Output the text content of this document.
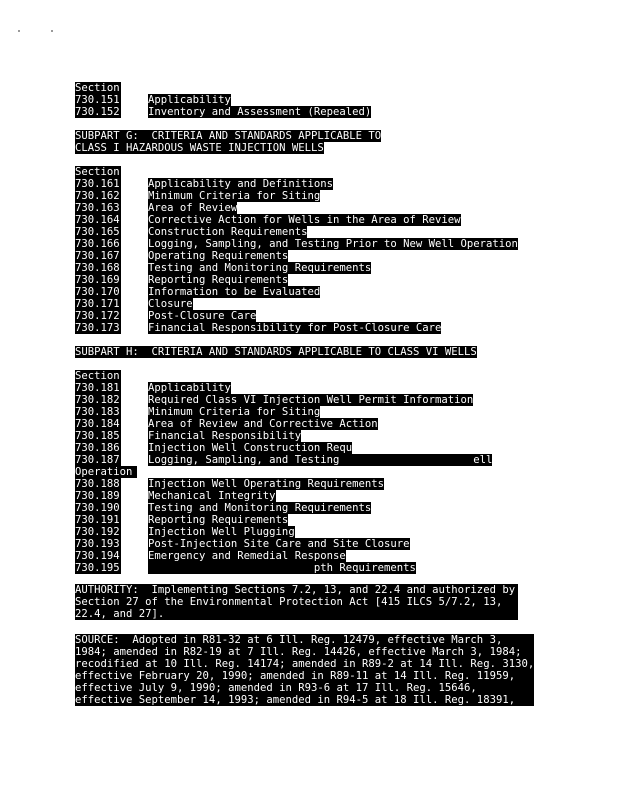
Section
730.151	Applicability
730.152	Inventory and Assessment (Repealed)
SUBPART G:  CRITERIA AND STANDARDS APPLICABLE TO
CLASS I HAZARDOUS WASTE INJECTION WELLS
Section
730.161	Applicability and Definitions
730.162	Minimum Criteria for Siting
730.163	Area of Review
730.164	Corrective Action for Wells in the Area of Review
730.165	Construction Requirements
730.166	Logging, Sampling, and Testing Prior to New Well Operation
730.167	Operating Requirements
730.168	Testing and Monitoring Requirements
730.169	Reporting Requirements
730.170	Information to be Evaluated
730.171	Closure
730.172	Post-Closure Care
730.173	Financial Responsibility for Post-Closure Care
SUBPART H:  CRITERIA AND STANDARDS APPLICABLE TO CLASS VI WELLS
Section
730.181	Applicability
730.182	Required Class VI Injection Well Permit Information
730.183	Minimum Criteria for Siting
730.184	Area of Review and Corrective Action
730.185	Financial Responsibility
730.186	Injection Well Construction Requ
730.187	Logging, Sampling, and Testing                     ell
Operation
730.188	Injection Well Operating Requirements
730.189	Mechanical Integrity
730.190	Testing and Monitoring Requirements
730.191	Reporting Requirements
730.192	Injection Well Plugging
730.193	Post-Injection Site Care and Site Closure
730.194	Emergency and Remedial Response
730.195	pth Requirements
AUTHORITY:  Implementing Sections 7.2, 13, and 22.4 and authorized by
Section 27 of the Environmental Protection Act [415 ILCS 5/7.2, 13,
22.4, and 27].
SOURCE:  Adopted in R81-32 at 6 Ill. Reg. 12479, effective March 3,
1984; amended in R82-19 at 7 Ill. Reg. 14426, effective March 3, 1984;
recodified at 10 Ill. Reg. 14174; amended in R89-2 at 14 Ill. Reg. 3130,
effective February 20, 1990; amended in R89-11 at 14 Ill. Reg. 11959,
effective July 9, 1990; amended in R93-6 at 17 Ill. Reg. 15646,
effective September 14, 1993; amended in R94-5 at 18 Ill. Reg. 18391,
